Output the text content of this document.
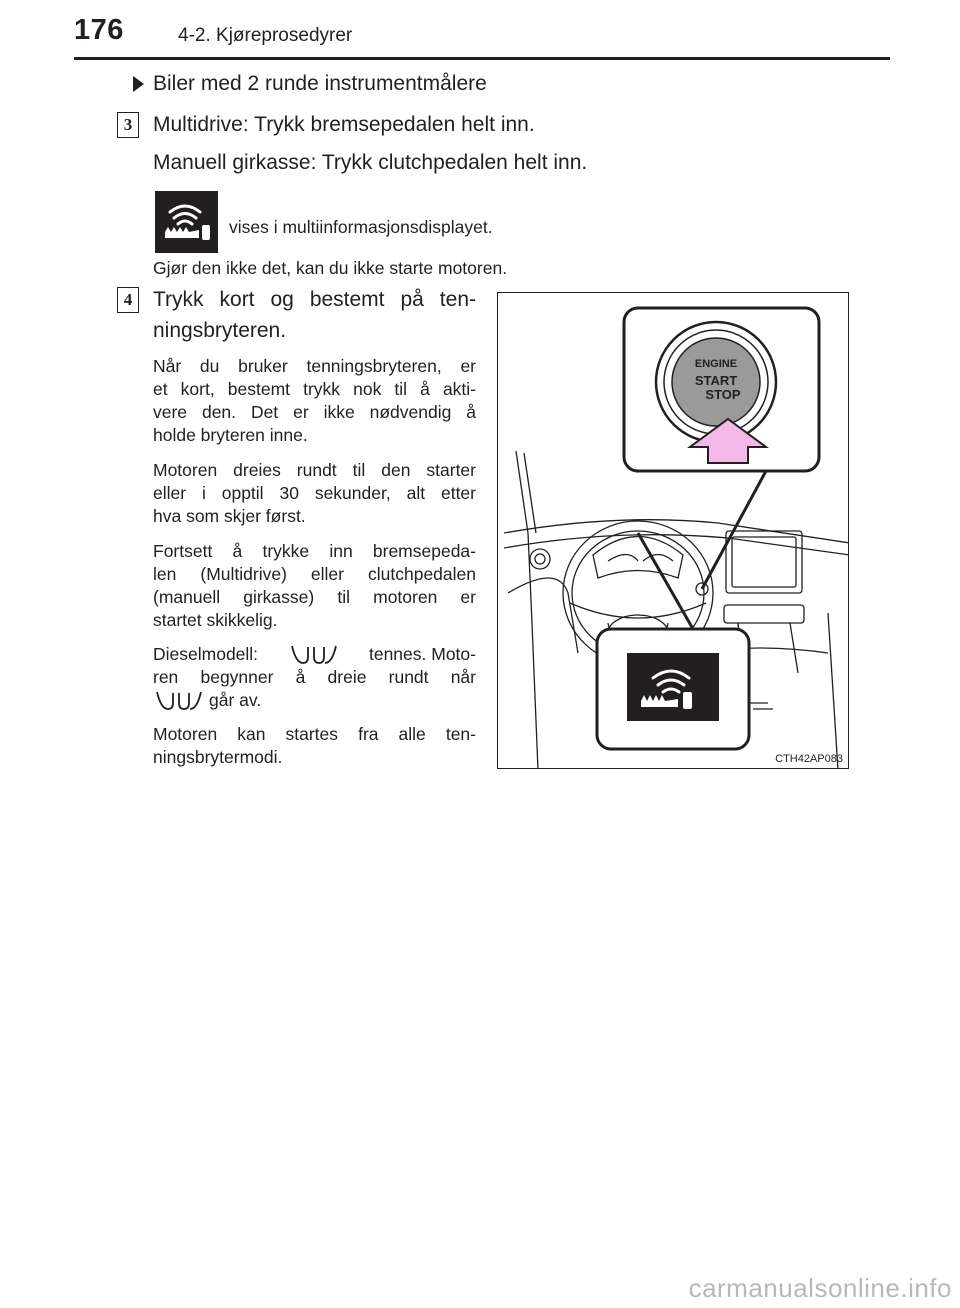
176	4-2. Kjøreprosedyrer
Biler med 2 runde instrumentmålere
3 Multidrive: Trykk bremsepedalen helt inn.
Manuell girkasse: Trykk clutchpedalen helt inn.
vises i multiinformasjonsdisplayet.
Gjør den ikke det, kan du ikke starte motoren.
4 Trykk kort og bestemt på ten-
ningsbryteren.
Når du bruker tenningsbryteren, er
et kort, bestemt trykk nok til å akti-
vere den. Det er ikke nødvendig å
holde bryteren inne.
Motoren dreies rundt til den starter
eller i opptil 30 sekunder, alt etter
hva som skjer først.
Fortsett å trykke inn bremsepeda-
len (Multidrive) eller clutchpedalen
(manuell girkasse) til motoren er
startet skikkelig.
Dieselmodell:	tennes. Moto-
ren begynner å dreie rundt når
går av.
Motoren kan startes fra alle ten-
ningsbrytermodi.
ENGINE
START
STOP
CTH42AP083
carmanualsonline.info
